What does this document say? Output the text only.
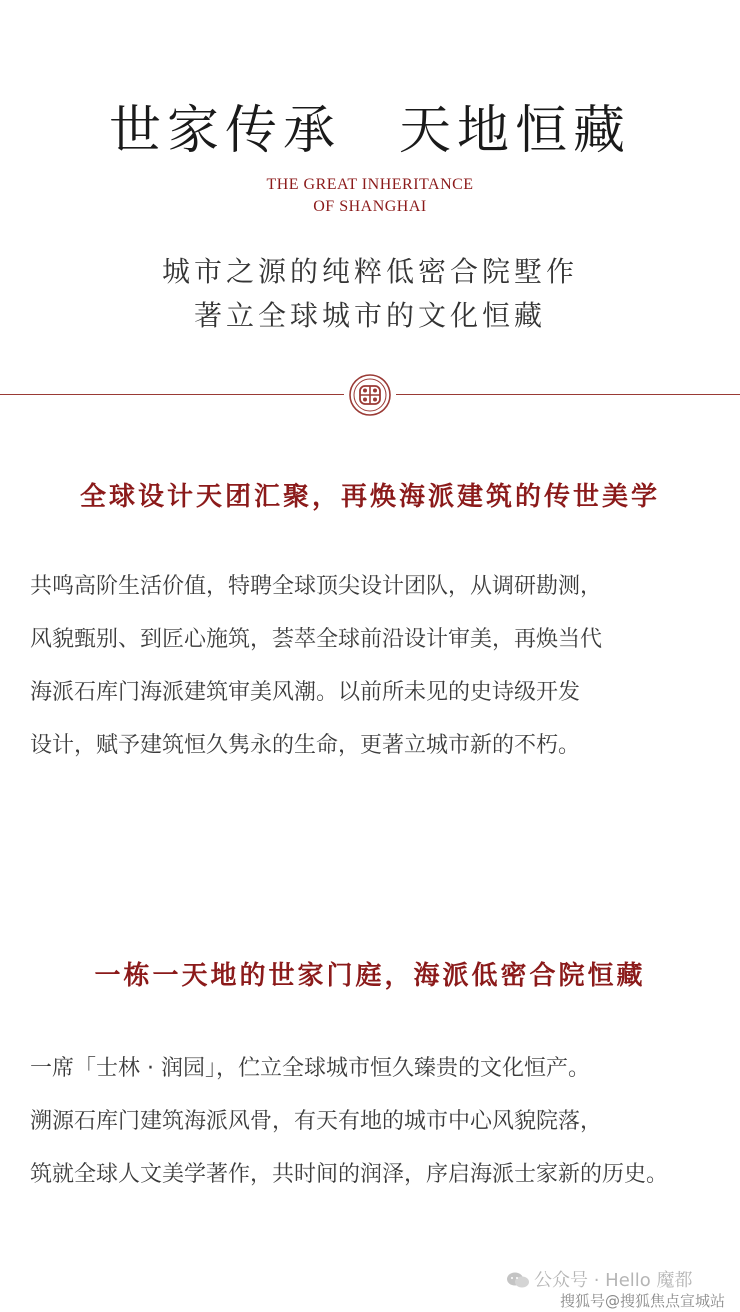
世家传承　天地恒藏
THE GREAT INHERITANCE
OF SHANGHAI
城市之源的纯粹低密合院墅作
著立全球城市的文化恒藏
全球设计天团汇聚，再焕海派建筑的传世美学

共鸣高阶生活价值，特聘全球顶尖设计团队，从调研勘测，

风貌甄别、到匠心施筑，荟萃全球前沿设计审美，再焕当代

海派石库门海派建筑审美风潮。以前所未见的史诗级开发

设计，赋予建筑恒久隽永的生命，更著立城市新的不朽。

一栋一天地的世家门庭，海派低密合院恒藏

一席「士林 · 润园」，伫立全球城市恒久臻贵的文化恒产。

溯源石库门建筑海派风骨，有天有地的城市中心风貌院落，

筑就全球人文美学著作，共时间的润泽，序启海派士家新的历史。

公众号 · Hello 魔都
搜狐号@搜狐焦点宣城站
